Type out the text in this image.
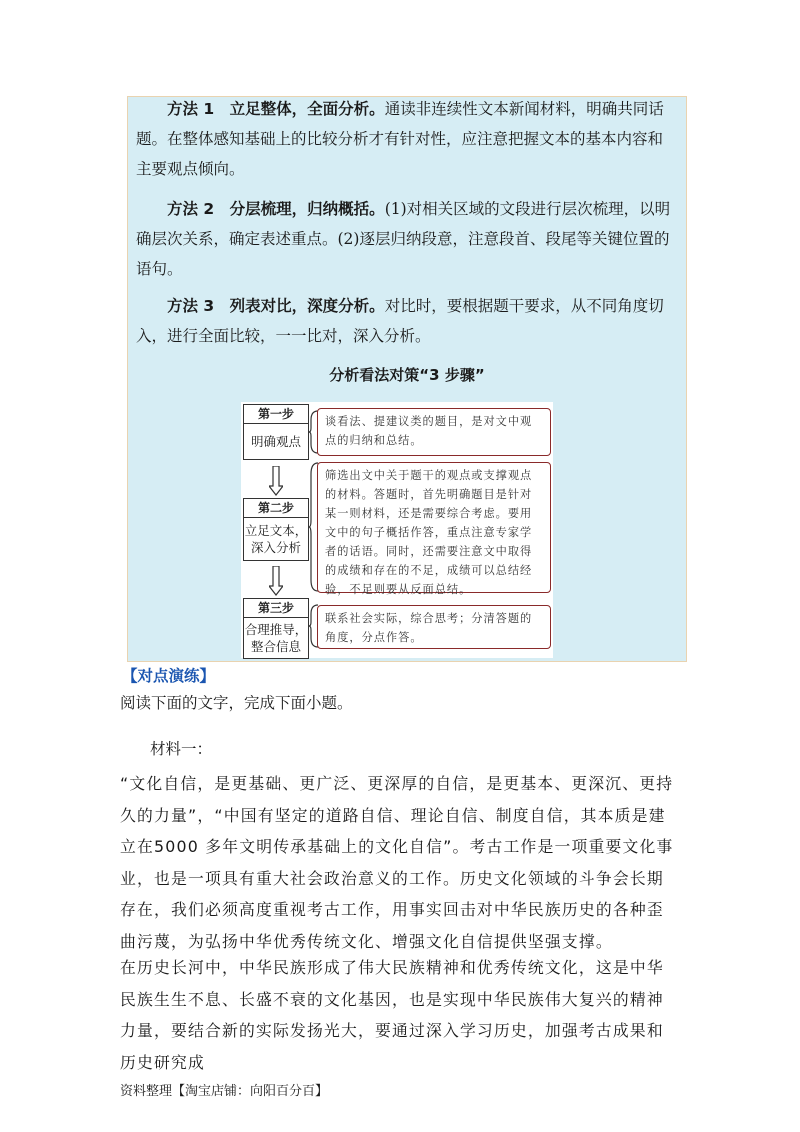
方法 1　立足整体，全面分析。通读非连续性文本新闻材料，明确共同话题。在整体感知基础上的比较分析才有针对性，应注意把握文本的基本内容和主要观点倾向。

方法 2　分层梳理，归纳概括。(1)对相关区域的文段进行层次梳理，以明确层次关系，确定表述重点。(2)逐层归纳段意，注意段首、段尾等关键位置的语句。

方法 3　列表对比，深度分析。对比时，要根据题干要求，从不同角度切入，进行全面比较，一一比对，深入分析。

分析看法对策“3 步骤”

第一步
明确观点
谈看法、提建议类的题目，是对文中观点的归纳和总结。
第二步
立足文本，深入分析
筛选出文中关于题干的观点或支撑观点的材料。答题时，首先明确题目是针对某一则材料，还是需要综合考虑。要用文中的句子概括作答，重点注意专家学者的话语。同时，还需要注意文中取得的成绩和存在的不足，成绩可以总结经验，不足则要从反面总结。
第三步
合理推导，整合信息
联系社会实际，综合思考；分清答题的角度，分点作答。

【对点演练】

阅读下面的文字，完成下面小题。

材料一：

“文化自信，是更基础、更广泛、更深厚的自信，是更基本、更深沉、更持久的力量”，“中国有坚定的道路自信、理论自信、制度自信，其本质是建立在5000 多年文明传承基础上的文化自信”。考古工作是一项重要文化事业，也是一项具有重大社会政治意义的工作。历史文化领域的斗争会长期存在，我们必须高度重视考古工作，用事实回击对中华民族历史的各种歪曲污蔑，为弘扬中华优秀传统文化、增强文化自信提供坚强支撑。

在历史长河中，中华民族形成了伟大民族精神和优秀传统文化，这是中华民族生生不息、长盛不衰的文化基因，也是实现中华民族伟大复兴的精神力量，要结合新的实际发扬光大，要通过深入学习历史，加强考古成果和历史研究成

资料整理【淘宝店铺：向阳百分百】
